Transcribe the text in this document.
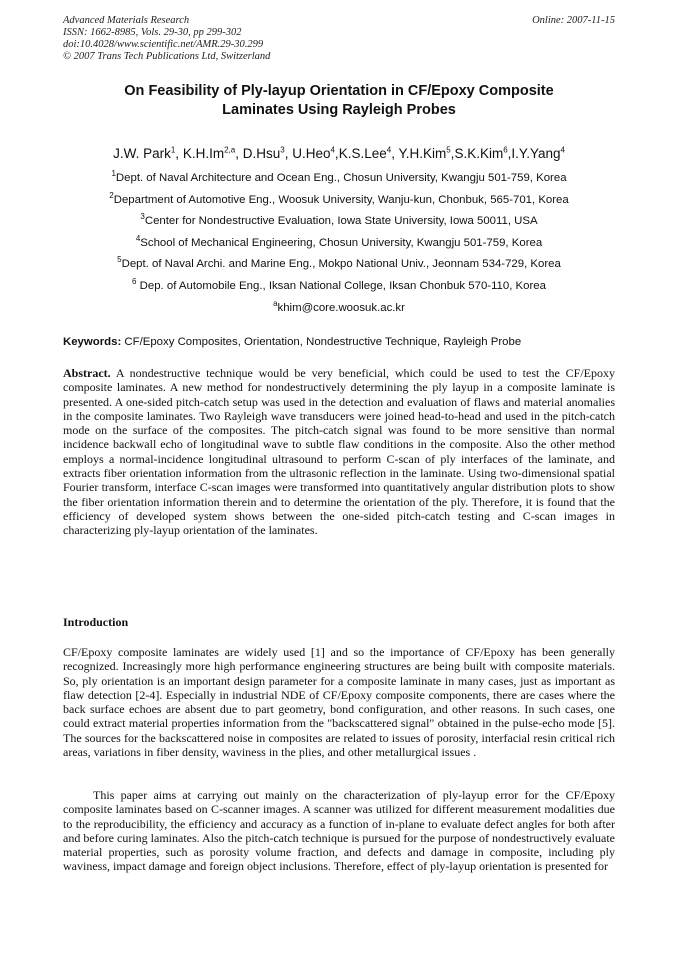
Advanced Materials Research
ISSN: 1662-8985, Vols. 29-30, pp 299-302
doi:10.4028/www.scientific.net/AMR.29-30.299
© 2007 Trans Tech Publications Ltd, Switzerland
Online: 2007-11-15
On Feasibility of Ply-layup Orientation in CF/Epoxy Composite
Laminates Using Rayleigh Probes
J.W. Park$^1$, K.H.Im$^{2,a}$, D.Hsu$^3$, U.Heo$^4$,K.S.Lee$^4$, Y.H.Kim$^5$,S.K.Kim$^6$,I.Y.Yang$^4$
$^1$Dept. of Naval Architecture and Ocean Eng., Chosun University, Kwangju 501-759, Korea
$^2$Department of Automotive Eng., Woosuk University, Wanju-kun, Chonbuk, 565-701, Korea
$^3$Center for Nondestructive Evaluation, Iowa State University, Iowa 50011, USA
$^4$School of Mechanical Engineering, Chosun University, Kwangju 501-759, Korea
$^5$Dept. of Naval Archi. and Marine Eng., Mokpo National Univ., Jeonnam 534-729, Korea
$^6$ Dep. of Automobile Eng., Iksan National College, Iksan Chonbuk 570-110, Korea
$^a$khim@core.woosuk.ac.kr
Keywords: CF/Epoxy Composites, Orientation, Nondestructive Technique, Rayleigh Probe
Abstract. A nondestructive technique would be very beneficial, which could be used to test the CF/Epoxy composite laminates. A new method for nondestructively determining the ply layup in a composite laminate is presented. A one-sided pitch-catch setup was used in the detection and evaluation of flaws and material anomalies in the composite laminates. Two Rayleigh wave transducers were joined head-to-head and used in the pitch-catch mode on the surface of the composites. The pitch-catch signal was found to be more sensitive than normal incidence backwall echo of longitudinal wave to subtle flaw conditions in the composite. Also the other method employs a normal-incidence longitudinal ultrasound to perform C-scan of ply interfaces of the laminate, and extracts fiber orientation information from the ultrasonic reflection in the laminate. Using two-dimensional spatial Fourier transform, interface C-scan images were transformed into quantitatively angular distribution plots to show the fiber orientation information therein and to determine the orientation of the ply. Therefore, it is found that the efficiency of developed system shows between the one-sided pitch-catch testing and C-scan images in characterizing ply-layup orientation of the laminates.
Introduction
CF/Epoxy composite laminates are widely used [1] and so the importance of CF/Epoxy has been generally recognized. Increasingly more high performance engineering structures are being built with composite materials. So, ply orientation is an important design parameter for a composite laminate in many cases, just as important as flaw detection [2-4]. Especially in industrial NDE of CF/Epoxy composite components, there are cases where the back surface echoes are absent due to part geometry, bond configuration, and other reasons. In such cases, one could extract material properties information from the "backscattered signal" obtained in the pulse-echo mode [5]. The sources for the backscattered noise in composites are related to issues of porosity, interfacial resin critical rich areas, variations in fiber density, waviness in the plies, and other metallurgical issues .
This paper aims at carrying out mainly on the characterization of ply-layup error for the CF/Epoxy composite laminates based on C-scanner images. A scanner was utilized for different measurement modalities due to the reproducibility, the efficiency and accuracy as a function of in-plane to evaluate defect angles for both after and before curing laminates. Also the pitch-catch technique is pursued for the purpose of nondestructively evaluate material properties, such as porosity volume fraction, and defects and damage in composite, including ply waviness, impact damage and foreign object inclusions. Therefore, effect of ply-layup orientation is presented for
